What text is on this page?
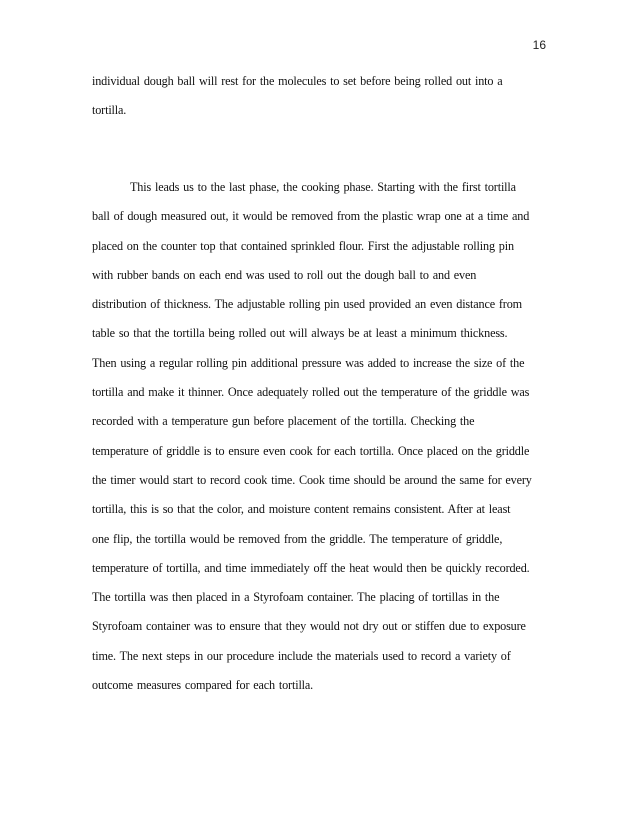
16
individual dough ball will rest for the molecules to set before being rolled out into a
tortilla.
This leads us to the last phase, the cooking phase. Starting with the first tortilla
ball of dough measured out, it would be removed from the plastic wrap one at a time and
placed on the counter top that contained sprinkled flour. First the adjustable rolling pin
with rubber bands on each end was used to roll out the dough ball to and even
distribution of thickness. The adjustable rolling pin used provided an even distance from
table so that the tortilla being rolled out will always be at least a minimum thickness.
Then using a regular rolling pin additional pressure was added to increase the size of the
tortilla and make it thinner. Once adequately rolled out the temperature of the griddle was
recorded with a temperature gun before placement of the tortilla. Checking the
temperature of griddle is to ensure even cook for each tortilla. Once placed on the griddle
the timer would start to record cook time. Cook time should be around the same for every
tortilla, this is so that the color, and moisture content remains consistent. After at least
one flip, the tortilla would be removed from the griddle. The temperature of griddle,
temperature of tortilla, and time immediately off the heat would then be quickly recorded.
The tortilla was then placed in a Styrofoam container. The placing of tortillas in the
Styrofoam container was to ensure that they would not dry out or stiffen due to exposure
time. The next steps in our procedure include the materials used to record a variety of
outcome measures compared for each tortilla.
